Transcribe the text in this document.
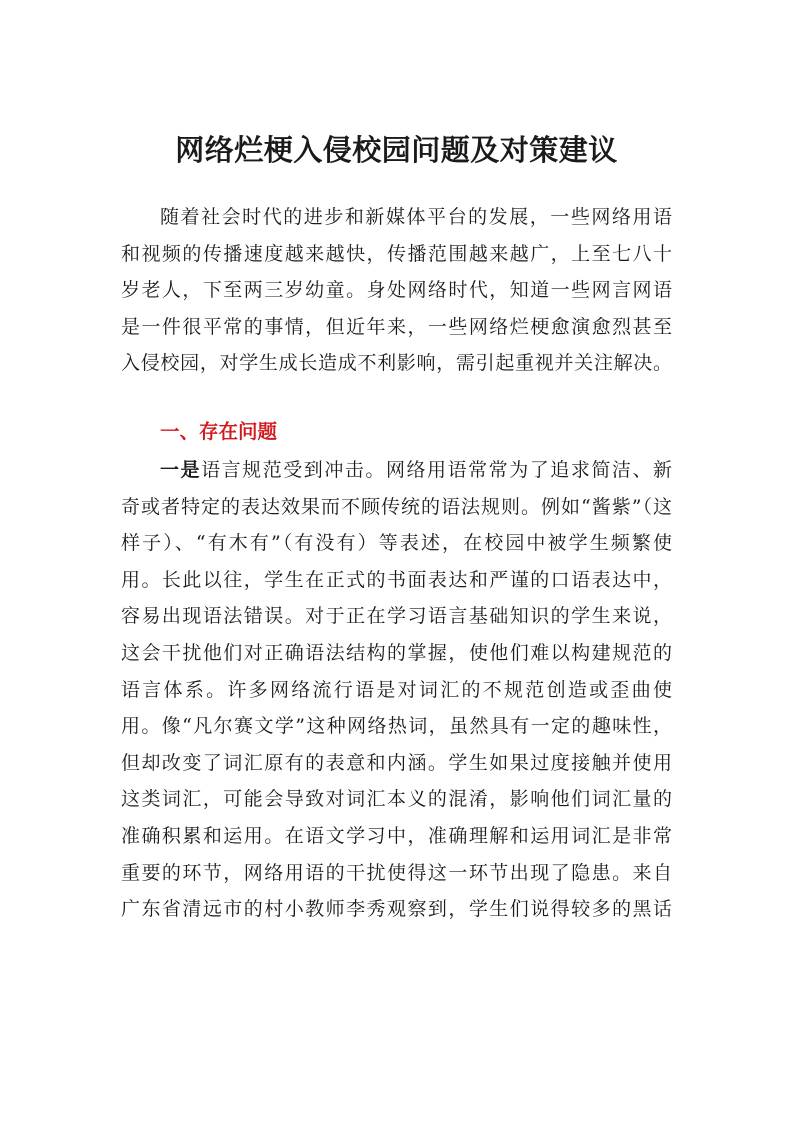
网络烂梗入侵校园问题及对策建议
随着社会时代的进步和新媒体平台的发展，一些网络用语
和视频的传播速度越来越快，传播范围越来越广，上至七八十
岁老人，下至两三岁幼童。身处网络时代，知道一些网言网语
是一件很平常的事情，但近年来，一些网络烂梗愈演愈烈甚至
入侵校园，对学生成长造成不利影响，需引起重视并关注解决。
一、存在问题
一是语言规范受到冲击。网络用语常常为了追求简洁、新
奇或者特定的表达效果而不顾传统的语法规则。例如“酱紫”（这
样子）、“有木有”（有没有）等表述，在校园中被学生频繁使
用。长此以往，学生在正式的书面表达和严谨的口语表达中，
容易出现语法错误。对于正在学习语言基础知识的学生来说，
这会干扰他们对正确语法结构的掌握，使他们难以构建规范的
语言体系。许多网络流行语是对词汇的不规范创造或歪曲使
用。像“凡尔赛文学”这种网络热词，虽然具有一定的趣味性，
但却改变了词汇原有的表意和内涵。学生如果过度接触并使用
这类词汇，可能会导致对词汇本义的混淆，影响他们词汇量的
准确积累和运用。在语文学习中，准确理解和运用词汇是非常
重要的环节，网络用语的干扰使得这一环节出现了隐患。来自
广东省清远市的村小教师李秀观察到，学生们说得较多的黑话
